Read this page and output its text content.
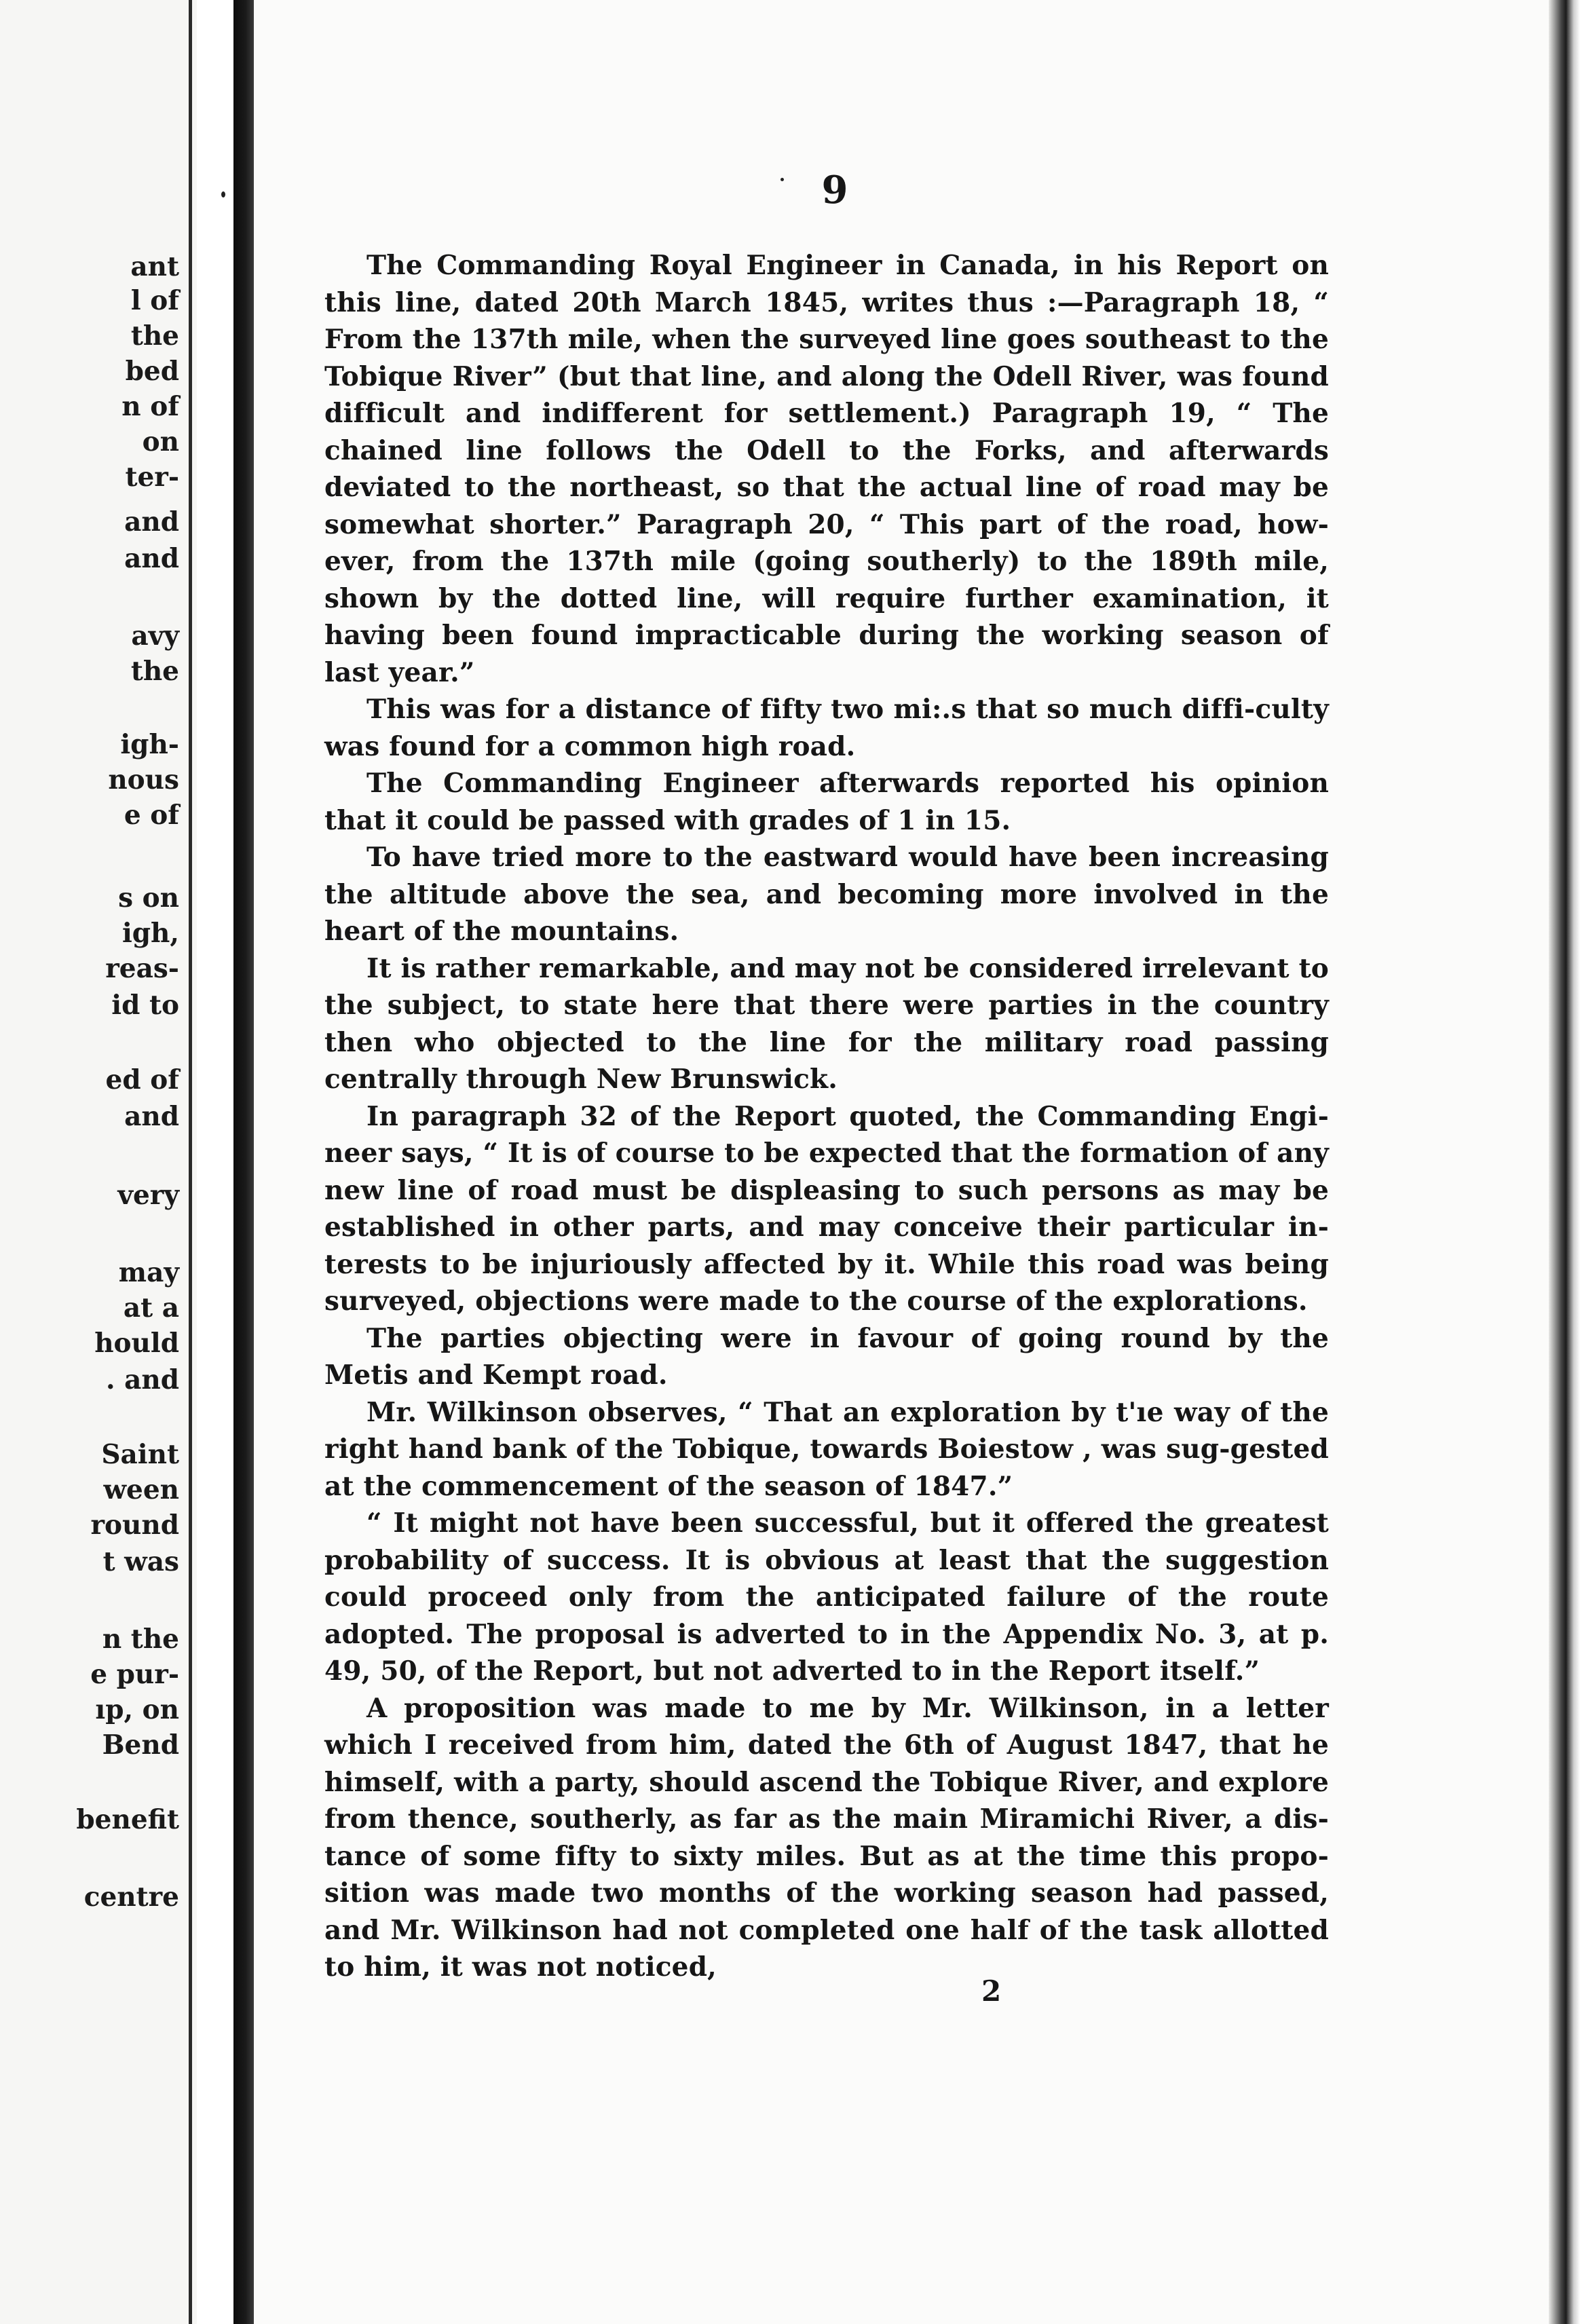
ant

l of

the

bed

n of

on

ter-

and

and

avy

the

igh-

nous

e of

s on

igh,

reas-

id to

ed of

and

very

may

at a

hould

. and

Saint

ween

round

t was

n the

e pur-

ıp, on

Bend

benefit

centre

9

The Commanding Royal Engineer in Canada, in his Report on this line, dated 20th March 1845, writes thus :—Paragraph 18, “ From the 137th mile, when the surveyed line goes southeast to the Tobique River” (but that line, and along the Odell River, was found difficult and indifferent for settlement.) Paragraph 19, “ The chained line follows the Odell to the Forks, and afterwards deviated to the northeast, so that the actual line of road may be somewhat shorter.” Paragraph 20, “ This part of the road, how-ever, from the 137th mile (going southerly) to the 189th mile, shown by the dotted line, will require further examination, it having been found impracticable during the working season of last year.”

This was for a distance of fifty two mi:.s that so much diffi-culty was found for a common high road.

The Commanding Engineer afterwards reported his opinion that it could be passed with grades of 1 in 15.

To have tried more to the eastward would have been increasing the altitude above the sea, and becoming more involved in the heart of the mountains.

It is rather remarkable, and may not be considered irrelevant to the subject, to state here that there were parties in the country then who objected to the line for the military road passing centrally through New Brunswick.

In paragraph 32 of the Report quoted, the Commanding Engi-neer says, “ It is of course to be expected that the formation of any new line of road must be displeasing to such persons as may be established in other parts, and may conceive their particular in-terests to be injuriously affected by it. While this road was being surveyed, objections were made to the course of the explorations.

The parties objecting were in favour of going round by the Metis and Kempt road.

Mr. Wilkinson observes, “ That an exploration by t'ıe way of the right hand bank of the Tobique, towards Boiestow , was sug-gested at the commencement of the season of 1847.”

“ It might not have been successful, but it offered the greatest probability of success. It is obvious at least that the suggestion could proceed only from the anticipated failure of the route adopted. The proposal is adverted to in the Appendix No. 3, at p. 49, 50, of the Report, but not adverted to in the Report itself.”

A proposition was made to me by Mr. Wilkinson, in a letter which I received from him, dated the 6th of August 1847, that he himself, with a party, should ascend the Tobique River, and explore from thence, southerly, as far as the main Miramichi River, a dis-tance of some fifty to sixty miles. But as at the time this propo-sition was made two months of the working season had passed, and Mr. Wilkinson had not completed one half of the task allotted to him, it was not noticed,

2
